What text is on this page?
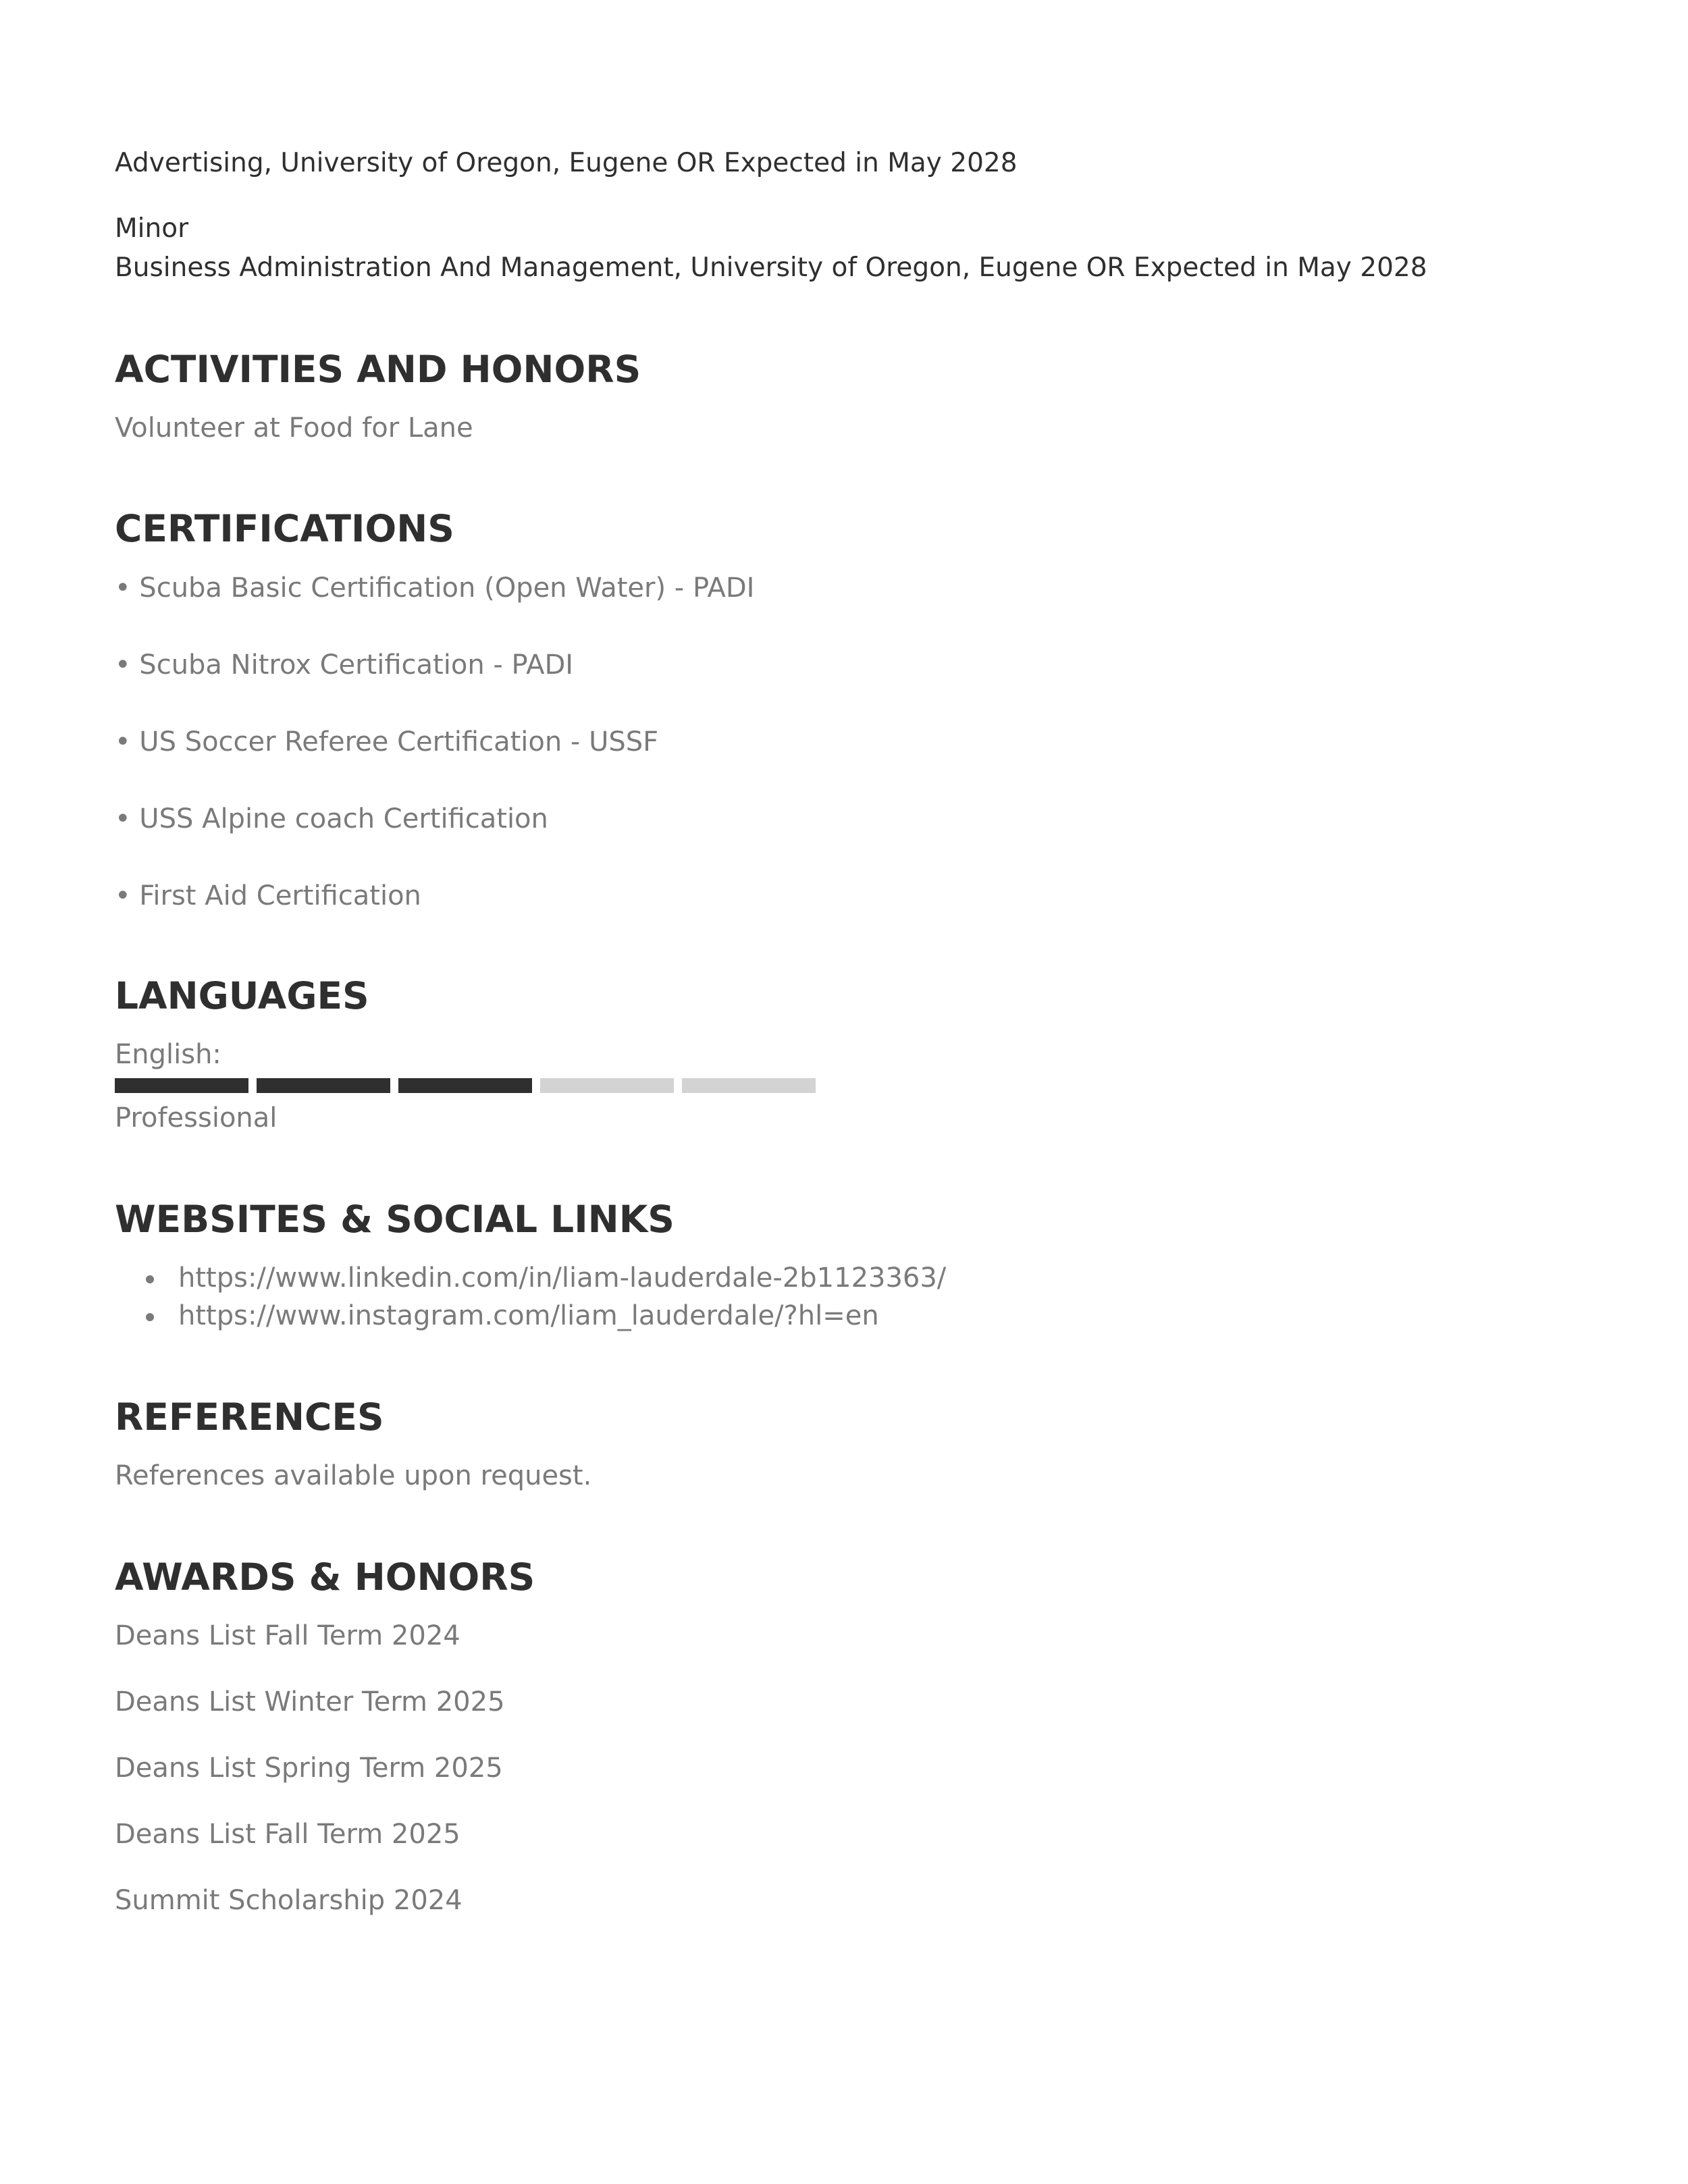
Advertising, University of Oregon, Eugene OR Expected in May 2028
Minor
Business Administration And Management, University of Oregon, Eugene OR Expected in May 2028
ACTIVITIES AND HONORS
Volunteer at Food for Lane
CERTIFICATIONS
• Scuba Basic Certification (Open Water) - PADI
• Scuba Nitrox Certification - PADI
• US Soccer Referee Certification - USSF
• USS Alpine coach Certification
• First Aid Certification
LANGUAGES
English:
Professional
WEBSITES & SOCIAL LINKS
https://www.linkedin.com/in/liam-lauderdale-2b1123363/
https://www.instagram.com/liam_lauderdale/?hl=en
REFERENCES
References available upon request.
AWARDS & HONORS
Deans List Fall Term 2024
Deans List Winter Term 2025
Deans List Spring Term 2025
Deans List Fall Term 2025
Summit Scholarship 2024
